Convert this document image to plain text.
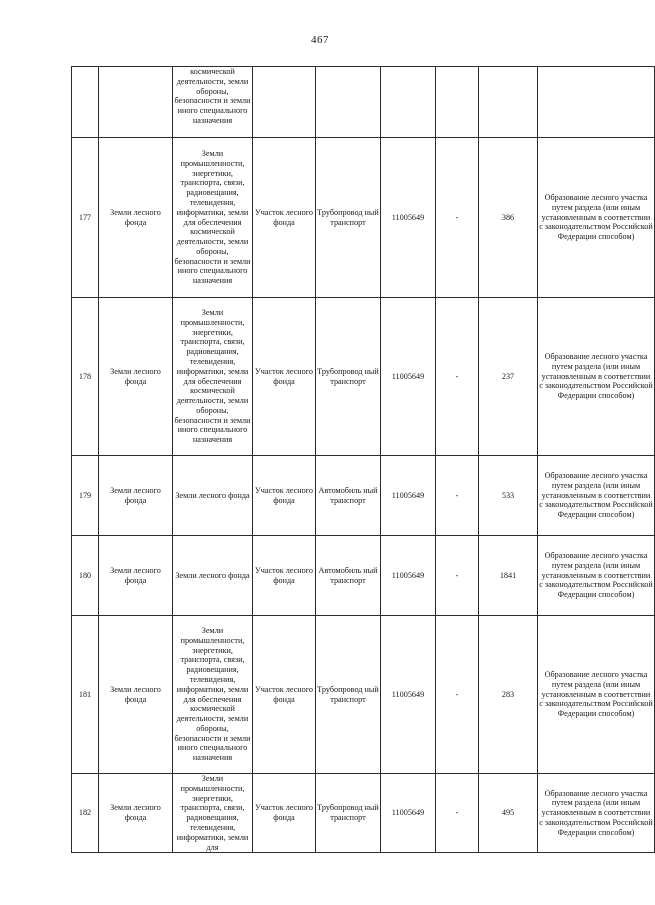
467

		космической деятельности, земли обороны, безопасности и земли иного специального назначения						

177	Земли лесного фонда	Земли промышленности, энергетики, транспорта, связи, радиовещания, телевидения, информатики, земли для обеспечения космической деятельности, земли обороны, безопасности и земли иного специального назначения	Участок лесного фонда	Трубопровод ный транспорт	11005649	-	386	Образование лесного участка путем раздела (или иным установленным в соответствии с законодательством Российской Федерации способом)
178	Земли лесного фонда	Земли промышленности, энергетики, транспорта, связи, радиовещания, телевидения, информатики, земли для обеспечения космической деятельности, земли обороны, безопасности и земли иного специального назначения	Участок лесного фонда	Трубопровод ный транспорт	11005649	-	237	Образование лесного участка путем раздела (или иным установленным в соответствии с законодательством Российской Федерации способом)
179	Земли лесного фонда	Земли лесного фонда	Участок лесного фонда	Автомобиль ный транспорт	11005649	-	533	Образование лесного участка путем раздела (или иным установленным в соответствии с законодательством Российской Федерации способом)
180	Земли лесного фонда	Земли лесного фонда	Участок лесного фонда	Автомобиль ный транспорт	11005649	-	1841	Образование лесного участка путем раздела (или иным установленным в соответствии с законодательством Российской Федерации способом)
181	Земли лесного фонда	Земли промышленности, энергетики, транспорта, связи, радиовещания, телевидения, информатики, земли для обеспечения космической деятельности, земли обороны, безопасности и земли иного специального назначения	Участок лесного фонда	Трубопровод ный транспорт	11005649	-	283	Образование лесного участка путем раздела (или иным установленным в соответствии с законодательством Российской Федерации способом)
182	Земли лесного фонда	Земли промышленности, энергетики, транспорта, связи, радиовещания, телевидения, информатики, земли для	Участок лесного фонда	Трубопровод ный транспорт	11005649	-	495	Образование лесного участка путем раздела (или иным установленным в соответствии с законодательством Российской Федерации способом)
